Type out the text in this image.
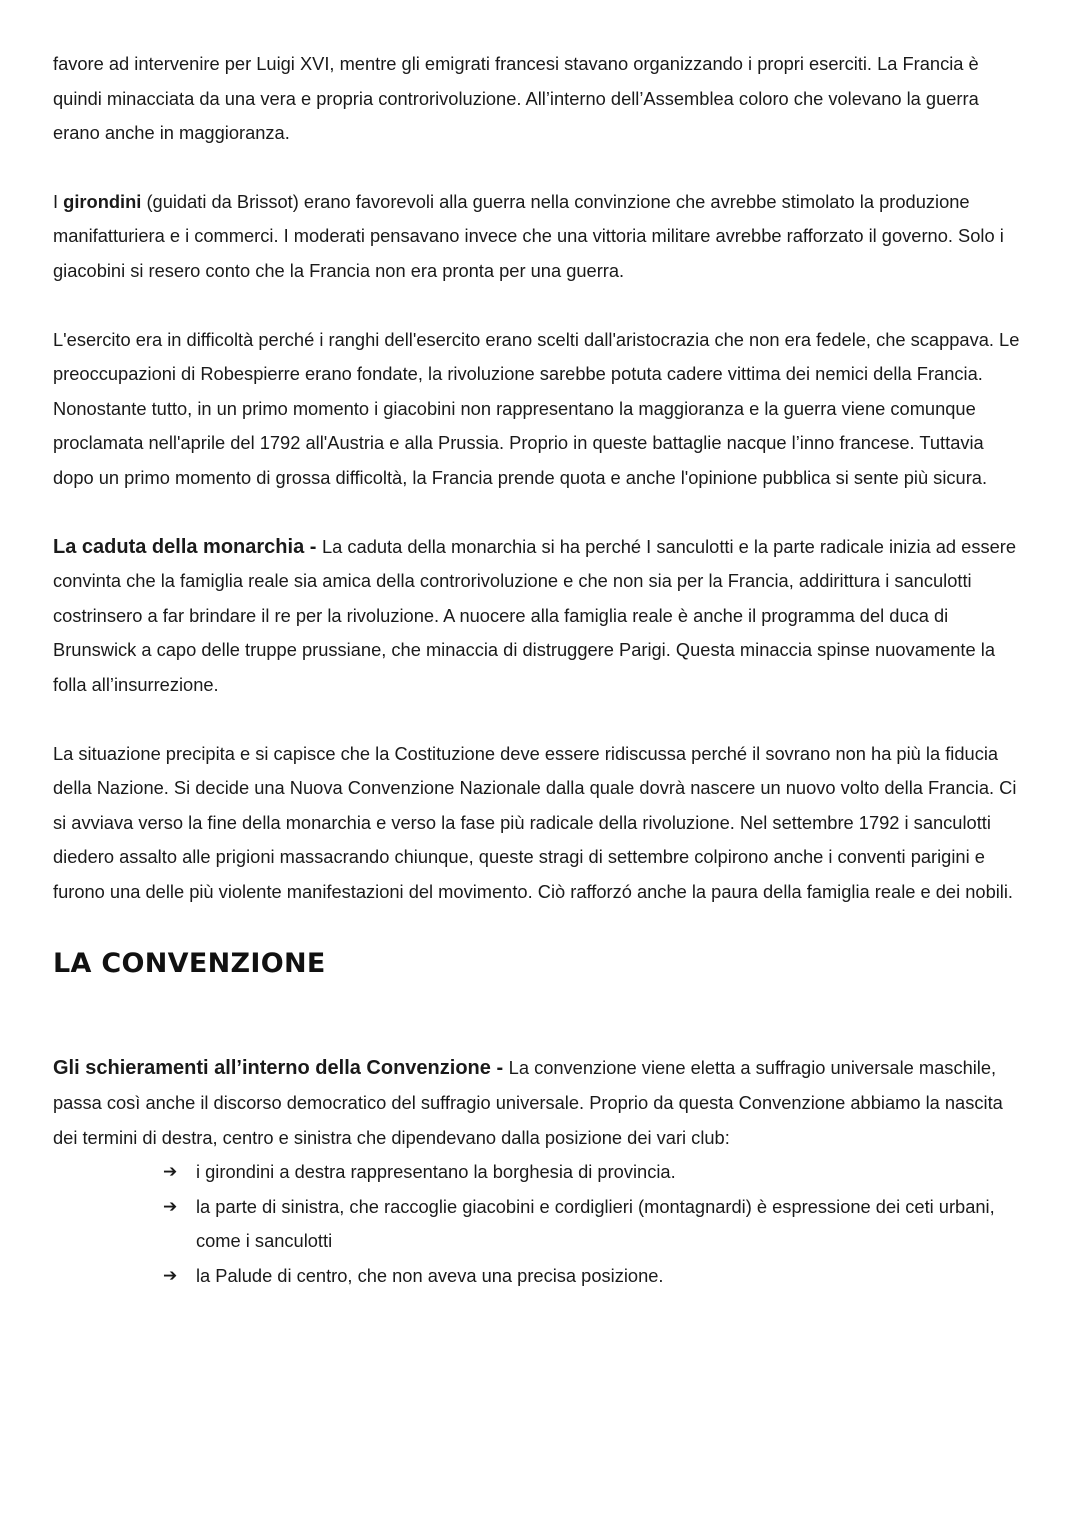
favore ad intervenire per Luigi XVI, mentre gli emigrati francesi stavano organizzando i propri eserciti. La Francia è quindi minacciata da una vera e propria controrivoluzione. All’interno dell’Assemblea coloro che volevano la guerra erano anche in maggioranza.

I girondini (guidati da Brissot) erano favorevoli alla guerra nella convinzione che avrebbe stimolato la produzione manifatturiera e i commerci. I moderati pensavano invece che una vittoria militare avrebbe rafforzato il governo. Solo i giacobini si resero conto che la Francia non era pronta per una guerra.

L'esercito era in difficoltà perché i ranghi dell'esercito erano scelti dall'aristocrazia che non era fedele, che scappava. Le preoccupazioni di Robespierre erano fondate, la rivoluzione sarebbe potuta cadere vittima dei nemici della Francia. Nonostante tutto, in un primo momento i giacobini non rappresentano la maggioranza e la guerra viene comunque proclamata nell'aprile del 1792 all'Austria e alla Prussia. Proprio in queste battaglie nacque l’inno francese. Tuttavia dopo un primo momento di grossa difficoltà, la Francia prende quota e anche l'opinione pubblica si sente più sicura.

La caduta della monarchia - La caduta della monarchia si ha perché I sanculotti e la parte radicale inizia ad essere convinta che la famiglia reale sia amica della controrivoluzione e che non sia per la Francia, addirittura i sanculotti costrinsero a far brindare il re per la rivoluzione. A nuocere alla famiglia reale è anche il programma del duca di Brunswick a capo delle truppe prussiane, che minaccia di distruggere Parigi. Questa minaccia spinse nuovamente la folla all’insurrezione.

La situazione precipita e si capisce che la Costituzione deve essere ridiscussa perché il sovrano non ha più la fiducia della Nazione. Si decide una Nuova Convenzione Nazionale dalla quale dovrà nascere un nuovo volto della Francia. Ci si avviava verso la fine della monarchia e verso la fase più radicale della rivoluzione. Nel settembre 1792 i sanculotti diedero assalto alle prigioni massacrando chiunque, queste stragi di settembre colpirono anche i conventi parigini e furono una delle più violente manifestazioni del movimento. Ciò rafforzó anche la paura della famiglia reale e dei nobili.

LA CONVENZIONE

Gli schieramenti all’interno della Convenzione - La convenzione viene eletta a suffragio universale maschile, passa così anche il discorso democratico del suffragio universale. Proprio da questa Convenzione abbiamo la nascita dei termini di destra, centro e sinistra che dipendevano dalla posizione dei vari club:

➔ i girondini a destra rappresentano la borghesia di provincia.
➔ la parte di sinistra, che raccoglie giacobini e cordiglieri (montagnardi) è espressione dei ceti urbani, come i sanculotti
➔ la Palude di centro, che non aveva una precisa posizione.
